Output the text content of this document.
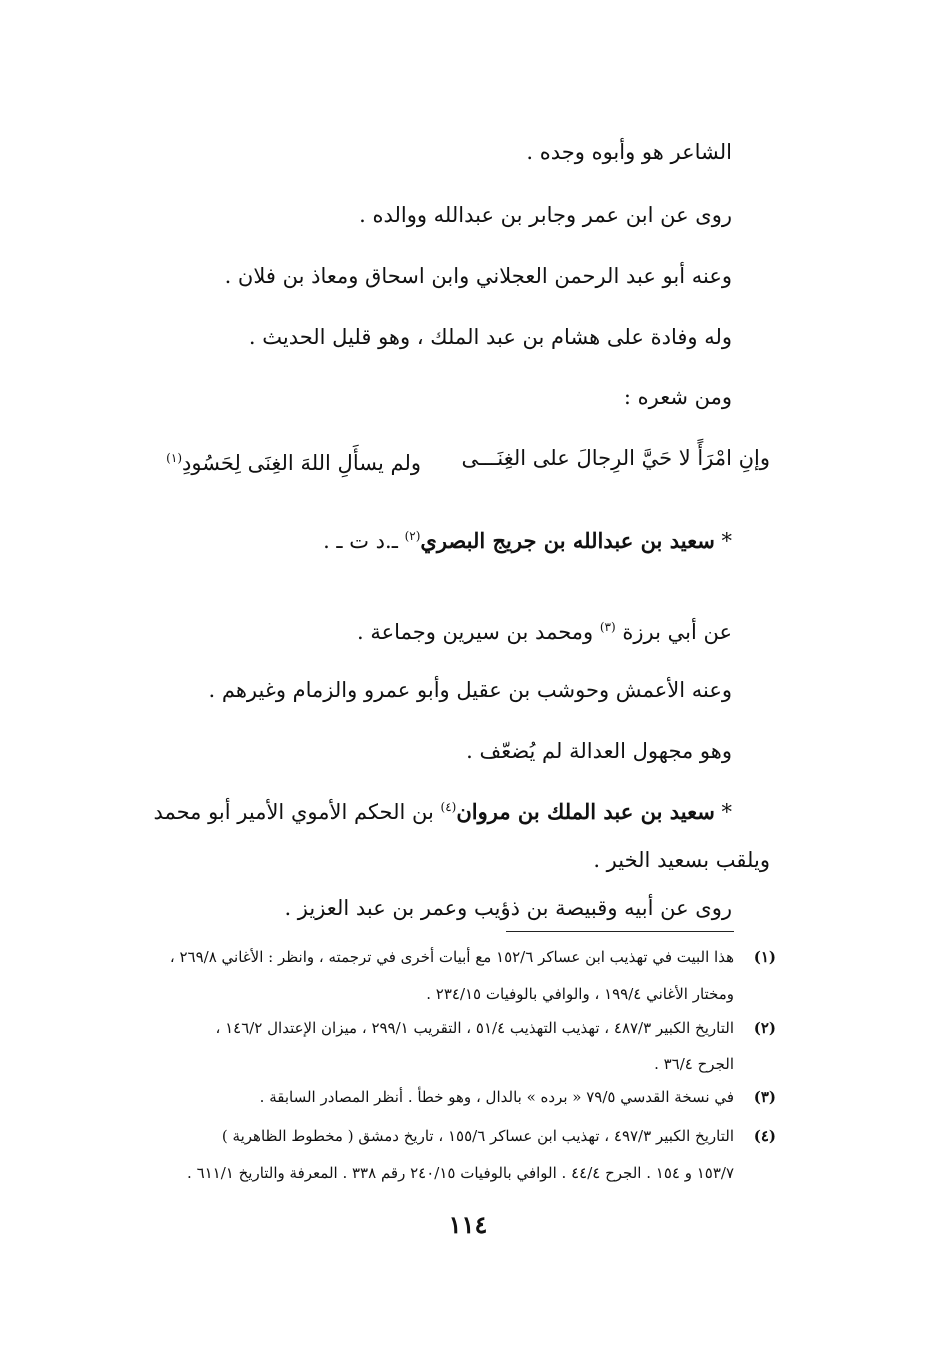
الشاعر هو وأبوه وجده .
روى عن ابن عمر وجابر بن عبدالله ووالده .
وعنه أبو عبد الرحمن العجلاني وابن اسحاق ومعاذ بن فلان .
وله وفادة على هشام بن عبد الملك ، وهو قليل الحديث .
ومن شعره :
وإنِ امْرَأً لا حَيَّ الرِجالَ على الغِنَـــى
ولم يسأَلِ اللهَ الغِنَى لِحَسُودِ$^{(١)}$
* سعيد بن عبدالله بن جريج البصري$^{(٢)}$ ـ.د ت ـ .
عن أبي برزة $^{(٣)}$ ومحمد بن سيرين وجماعة .
وعنه الأعمش وحوشب بن عقيل وأبو عمرو والزمام وغيرهم .
وهو مجهول العدالة لم يُضعّف .
* سعيد بن عبد الملك بن مروان$^{(٤)}$ بن الحكم الأموي الأمير أبو محمد
ويلقب بسعيد الخير .
روى عن أبيه وقبيصة بن ذؤيب وعمر بن عبد العزيز .
(١)هذا البيت في تهذيب ابن عساكر ١٥٢/٦ مع أبيات أخرى في ترجمته ، وانظر : الأغاني ٢٦٩/٨ ،
ومختار الأغاني ١٩٩/٤ ، والوافي بالوفيات ٢٣٤/١٥ .
(٢)التاريخ الكبير ٤٨٧/٣ ، تهذيب التهذيب ٥١/٤ ، التقريب ٢٩٩/١ ، ميزان الإعتدال ١٤٦/٢ ،
الجرح ٣٦/٤ .
(٣)في نسخة القدسي ٧٩/٥ « برده » بالدال ، وهو خطأ . أنظر المصادر السابقة .
(٤)التاريخ الكبير ٤٩٧/٣ ، تهذيب ابن عساكر ١٥٥/٦ ، تاريخ دمشق ( مخطوط الظاهرية )
١٥٣/٧ و ١٥٤ . الجرح ٤٤/٤ . الوافي بالوفيات ٢٤٠/١٥ رقم ٣٣٨ . المعرفة والتاريخ ٦١١/١ .
١١٤
